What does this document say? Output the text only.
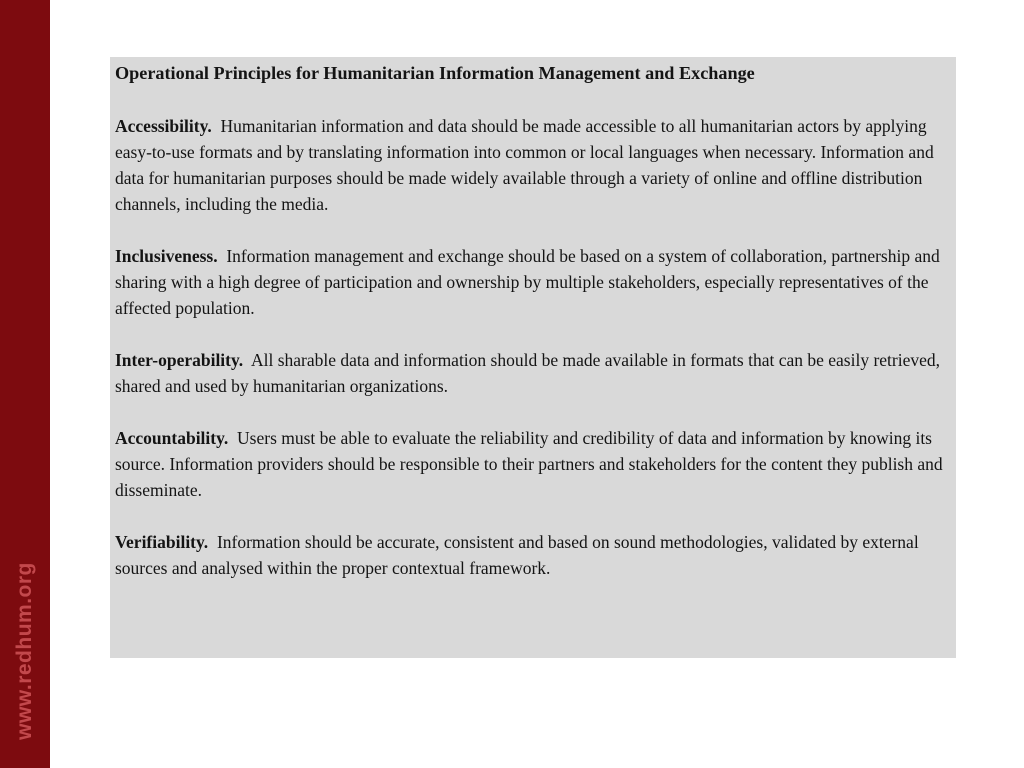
www.redhum.org
Operational Principles for Humanitarian Information Management and Exchange

Accessibility. Humanitarian information and data should be made accessible to all humanitarian actors by applying easy-to-use formats and by translating information into common or local languages when necessary. Information and data for humanitarian purposes should be made widely available through a variety of online and offline distribution channels, including the media.

Inclusiveness. Information management and exchange should be based on a system of collaboration, partnership and sharing with a high degree of participation and ownership by multiple stakeholders, especially representatives of the affected population.

Inter-operability. All sharable data and information should be made available in formats that can be easily retrieved, shared and used by humanitarian organizations.

Accountability. Users must be able to evaluate the reliability and credibility of data and information by knowing its source. Information providers should be responsible to their partners and stakeholders for the content they publish and disseminate.

Verifiability. Information should be accurate, consistent and based on sound methodologies, validated by external sources and analysed within the proper contextual framework.
